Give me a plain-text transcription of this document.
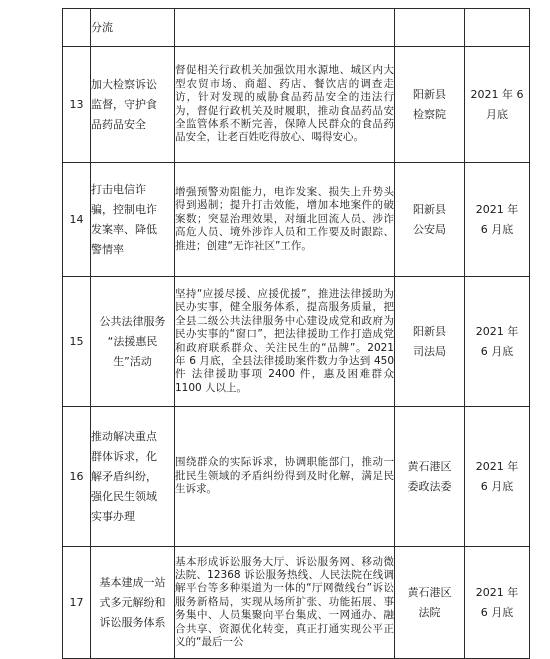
	分流			
13	加大检察诉讼
监督，守护食
品药品安全	督促相关行政机关加强饮用水源地、城区内大型农贸市场、商超、药店、餐饮店的调查走访，针对发现的威胁食品药品安全的违法行为，督促行政机关及时履职，推动食品药品安全监管体系不断完善，保障人民群众的食品药品安全，让老百姓吃得放心、喝得安心。	阳新县
检察院	2021 年 6
月底
14	打击电信诈
骗，控制电诈
发案率、降低
警情率	增强预警劝阻能力，电诈发案、损失上升势头得到遏制；提升打击效能，增加本地案件的破案数；突显治理效果，对缅北回流人员、涉诈高危人员、境外涉诈人员和工作要及时跟踪、推进；创建“无诈社区”工作。	阳新县
公安局	2021 年
6 月底
15	公共法律服务
“法援惠民
生”活动	坚持“应援尽援、应援优援”，推进法律援助为民办实事，健全服务体系，提高服务质量，把全县二级公共法律服务中心建设成党和政府为民办实事的“窗口”，把法律援助工作打造成党和政府联系群众、关注民生的“品牌”。2021 年 6 月底，全县法律援助案件数力争达到 450 件 法律援助事项 2400 件，惠及困难群众 1100 人以上。	阳新县
司法局	2021 年
6 月底
16	推动解决重点
群体诉求，化
解矛盾纠纷，
强化民生领域
实事办理	围绕群众的实际诉求，协调职能部门，推动一批民生领域的矛盾纠纷得到及时化解，满足民生诉求。	黄石港区
委政法委	2021 年
6 月底
17	基本建成一站
式多元解纷和
诉讼服务体系	基本形成诉讼服务大厅、诉讼服务网、移动微法院、12368 诉讼服务热线、人民法院在线调解平台等多种渠道为一体的“厅网微线台”诉讼服务新格局，实现从场所扩张、功能拓展、事务集中、人员集聚向平台集成、一网通办、融合共享、资源优化转变，真正打通实现公平正义的“最后一公	黄石港区
法院	2021 年
6 月底
